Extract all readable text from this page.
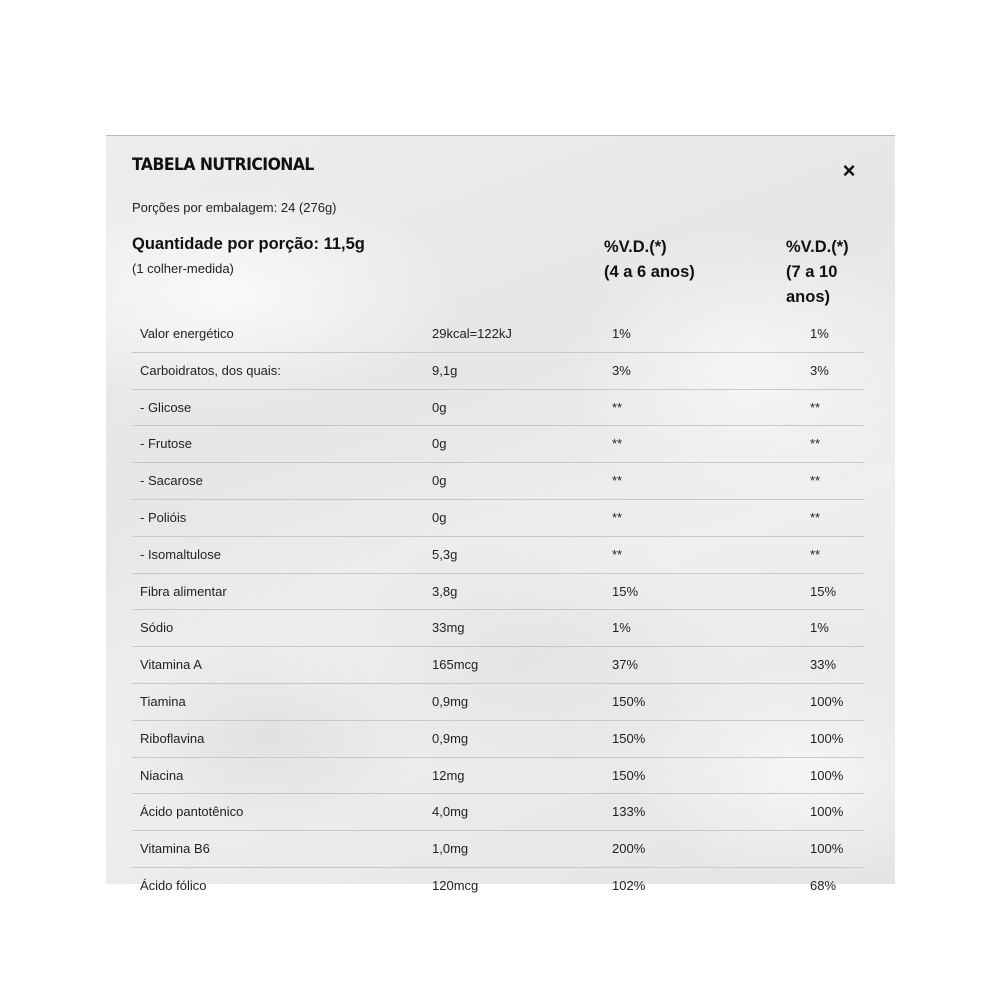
TABELA NUTRICIONAL	×
Porções por embalagem: 24 (276g)
Quantidade por porção: 11,5g
(1 colher-medida)
%V.D.(*)
(4 a 6 anos)
%V.D.(*)
(7 a 10
anos)
Valor energético	29kcal=122kJ	1%	1%
Carboidratos, dos quais:	9,1g	3%	3%
- Glicose	0g	**	**
- Frutose	0g	**	**
- Sacarose	0g	**	**
- Polióis	0g	**	**
- Isomaltulose	5,3g	**	**
Fibra alimentar	3,8g	15%	15%
Sódio	33mg	1%	1%
Vitamina A	165mcg	37%	33%
Tiamina	0,9mg	150%	100%
Riboflavina	0,9mg	150%	100%
Niacina	12mg	150%	100%
Ácido pantotênico	4,0mg	133%	100%
Vitamina B6	1,0mg	200%	100%
Ácido fólico	120mcg	102%	68%
